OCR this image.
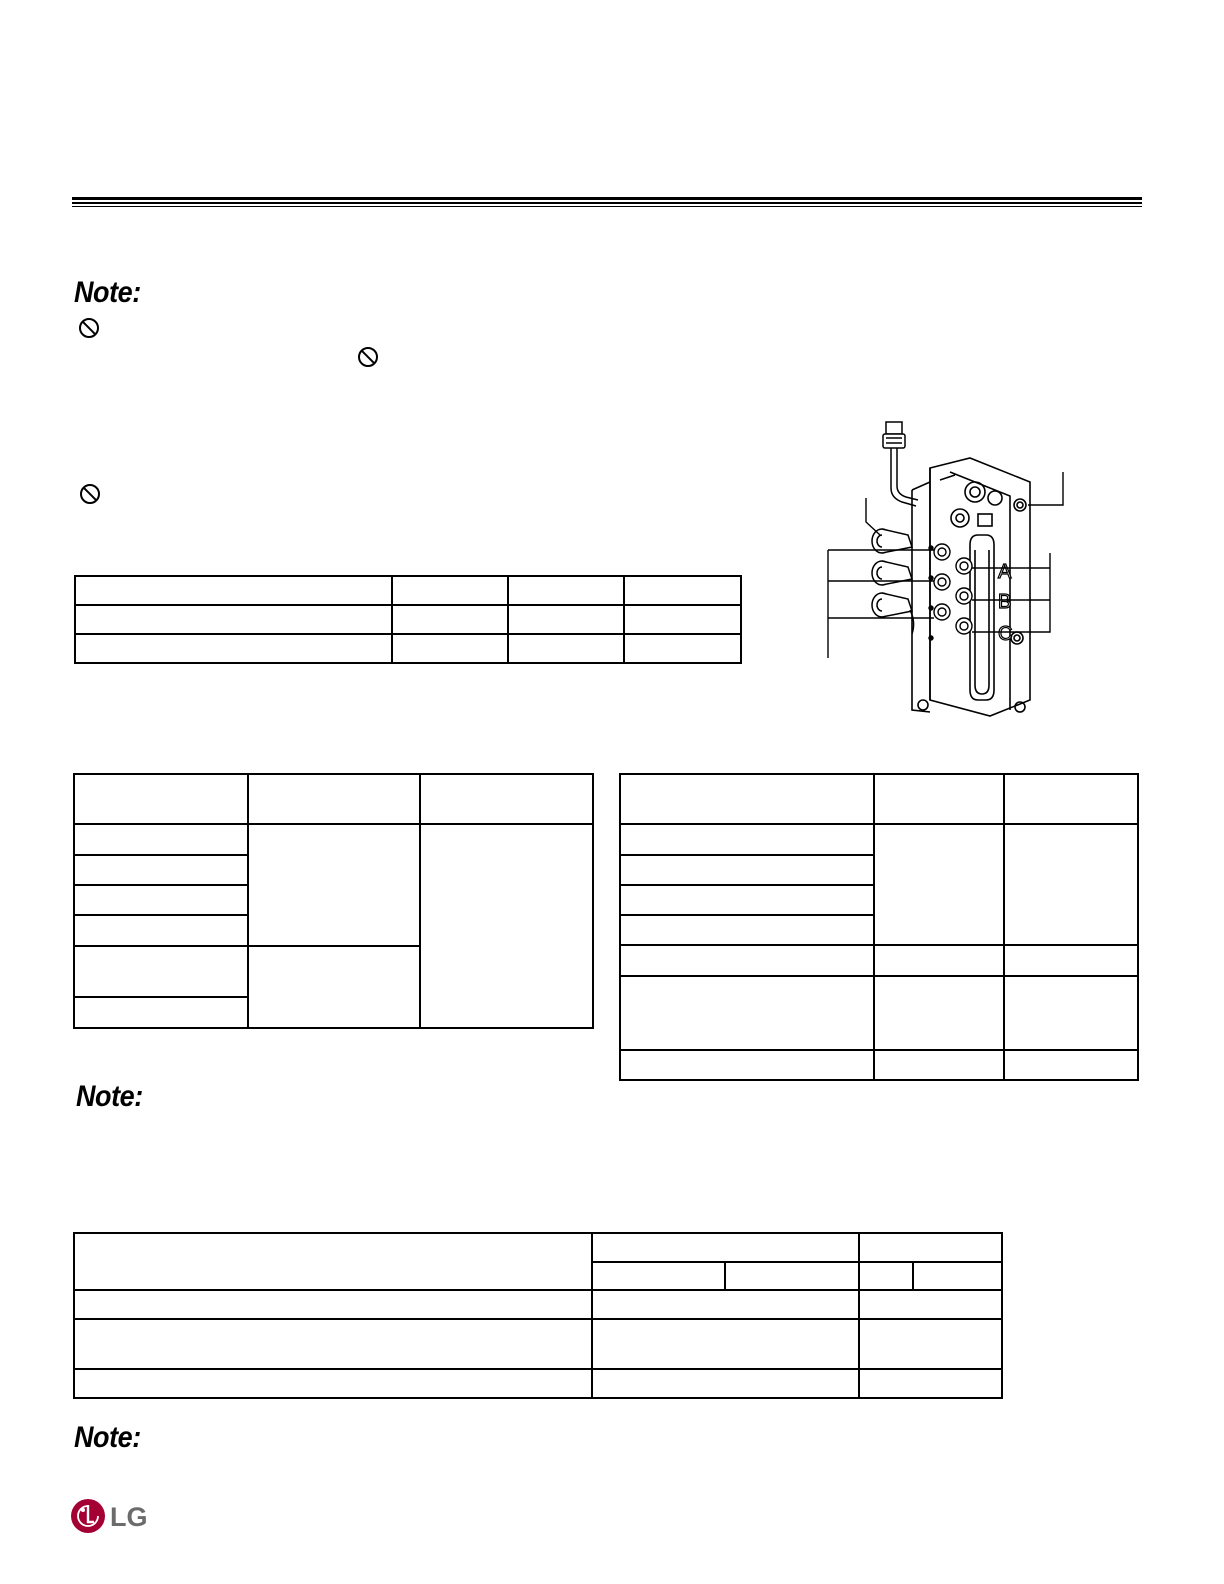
Note:

A
B
C
Note:
Note:
LG
